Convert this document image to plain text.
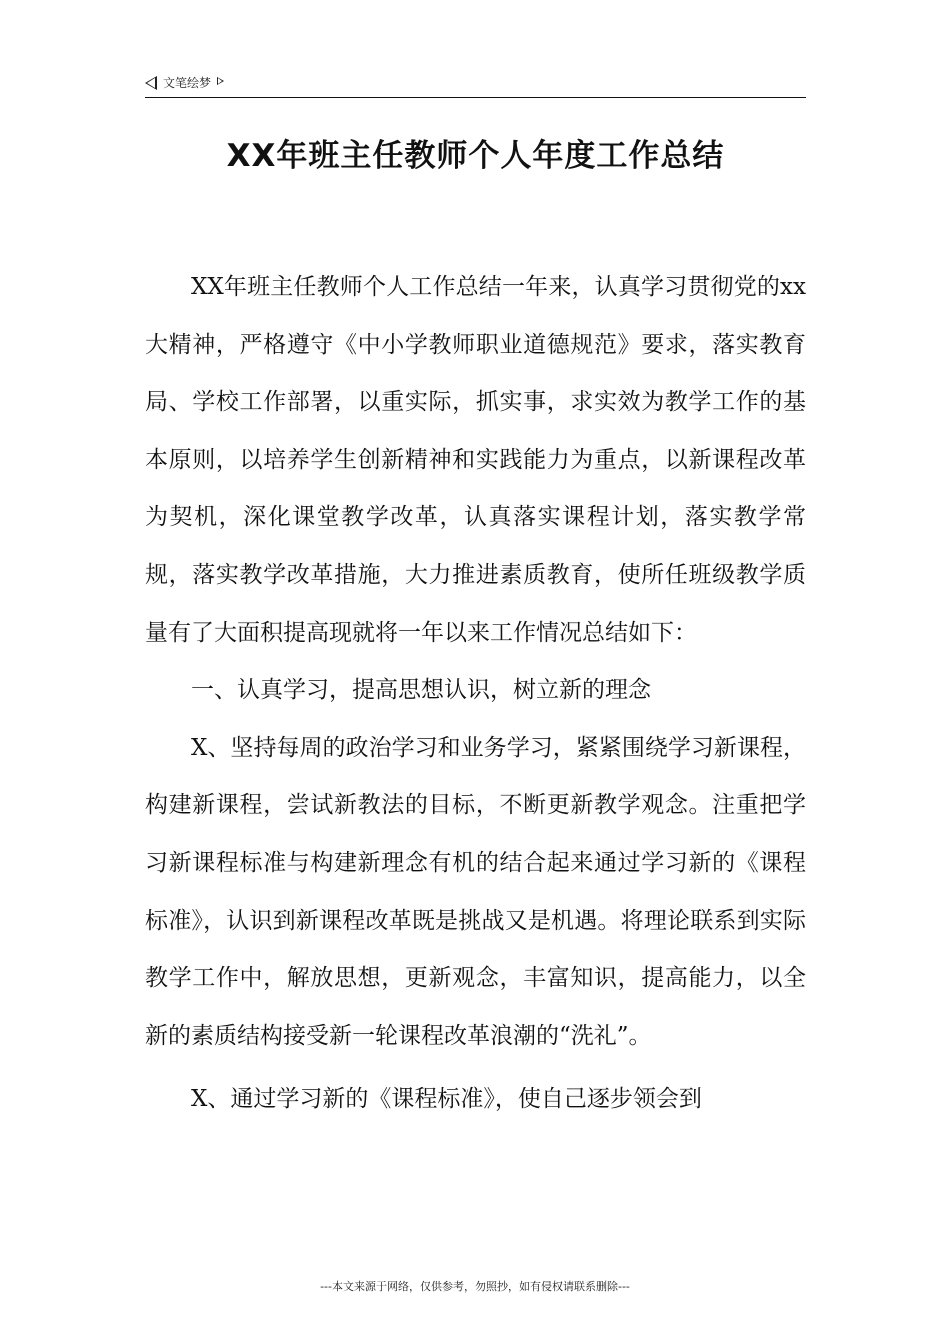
文笔绘梦
XX年班主任教师个人年度工作总结

XX年班主任教师个人工作总结一年来，认真学习贯彻党的xx大精神，严格遵守《中小学教师职业道德规范》要求，落实教育局、学校工作部署，以重实际，抓实事，求实效为教学工作的基本原则，以培养学生创新精神和实践能力为重点，以新课程改革为契机，深化课堂教学改革，认真落实课程计划，落实教学常规，落实教学改革措施，大力推进素质教育，使所任班级教学质量有了大面积提高现就将一年以来工作情况总结如下：

一、认真学习，提高思想认识，树立新的理念

X、坚持每周的政治学习和业务学习，紧紧围绕学习新课程，构建新课程，尝试新教法的目标，不断更新教学观念。注重把学习新课程标准与构建新理念有机的结合起来通过学习新的《课程标准》，认识到新课程改革既是挑战又是机遇。将理论联系到实际教学工作中，解放思想，更新观念，丰富知识，提高能力，以全新的素质结构接受新一轮课程改革浪潮的“洗礼”。

X、通过学习新的《课程标准》，使自己逐步领会到

---本文来源于网络，仅供参考，勿照抄，如有侵权请联系删除---
